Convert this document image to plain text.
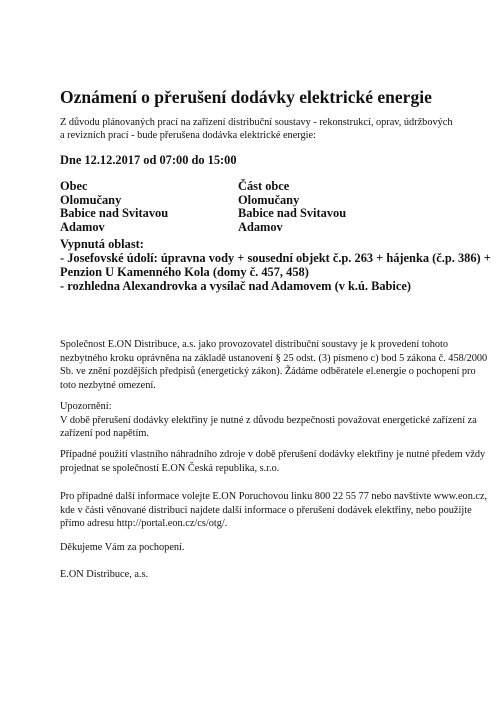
Oznámení o přerušení dodávky elektrické energie
Z důvodu plánovaných prací na zařízení distribuční soustavy - rekonstrukcí, oprav, údržbových
a revizních prací - bude přerušena dodávka elektrické energie:
Dne 12.12.2017 od 07:00 do 15:00
Obec
Olomučany
Babice nad Svitavou
Adamov
Část obce
Olomučany
Babice nad Svitavou
Adamov
Vypnutá oblast:
- Josefovské údolí: úpravna vody + sousední objekt č.p. 263 + hájenka (č.p. 386) +
Penzion U Kamenného Kola (domy č. 457, 458)
- rozhledna Alexandrovka a vysílač nad Adamovem (v k.ú. Babice)
Společnost E.ON Distribuce, a.s. jako provozovatel distribuční soustavy je k provedení tohoto
nezbytného kroku oprávněna na základě ustanovení § 25 odst. (3) písmeno c) bod 5 zákona č. 458/2000
Sb. ve znění pozdějších předpisů (energetický zákon). Žádáme odběratele el.energie o pochopení pro
toto nezbytné omezení.
Upozornění:
V době přerušení dodávky elektřiny je nutné z důvodu bezpečnosti považovat energetické zařízení za
zařízení pod napětím.
Případné použití vlastního náhradního zdroje v době přerušení dodávky elektřiny je nutné předem vždy
projednat se společností E.ON Česká republika, s.r.o.
Pro případné další informace volejte E.ON Poruchovou linku 800 22 55 77 nebo navštivte www.eon.cz,
kde v části věnované distribuci najdete další informace o přerušení dodávek elektřiny, nebo použijte
přímo adresu http://portal.eon.cz/cs/otg/.
Děkujeme Vám za pochopení.
E.ON Distribuce, a.s.
